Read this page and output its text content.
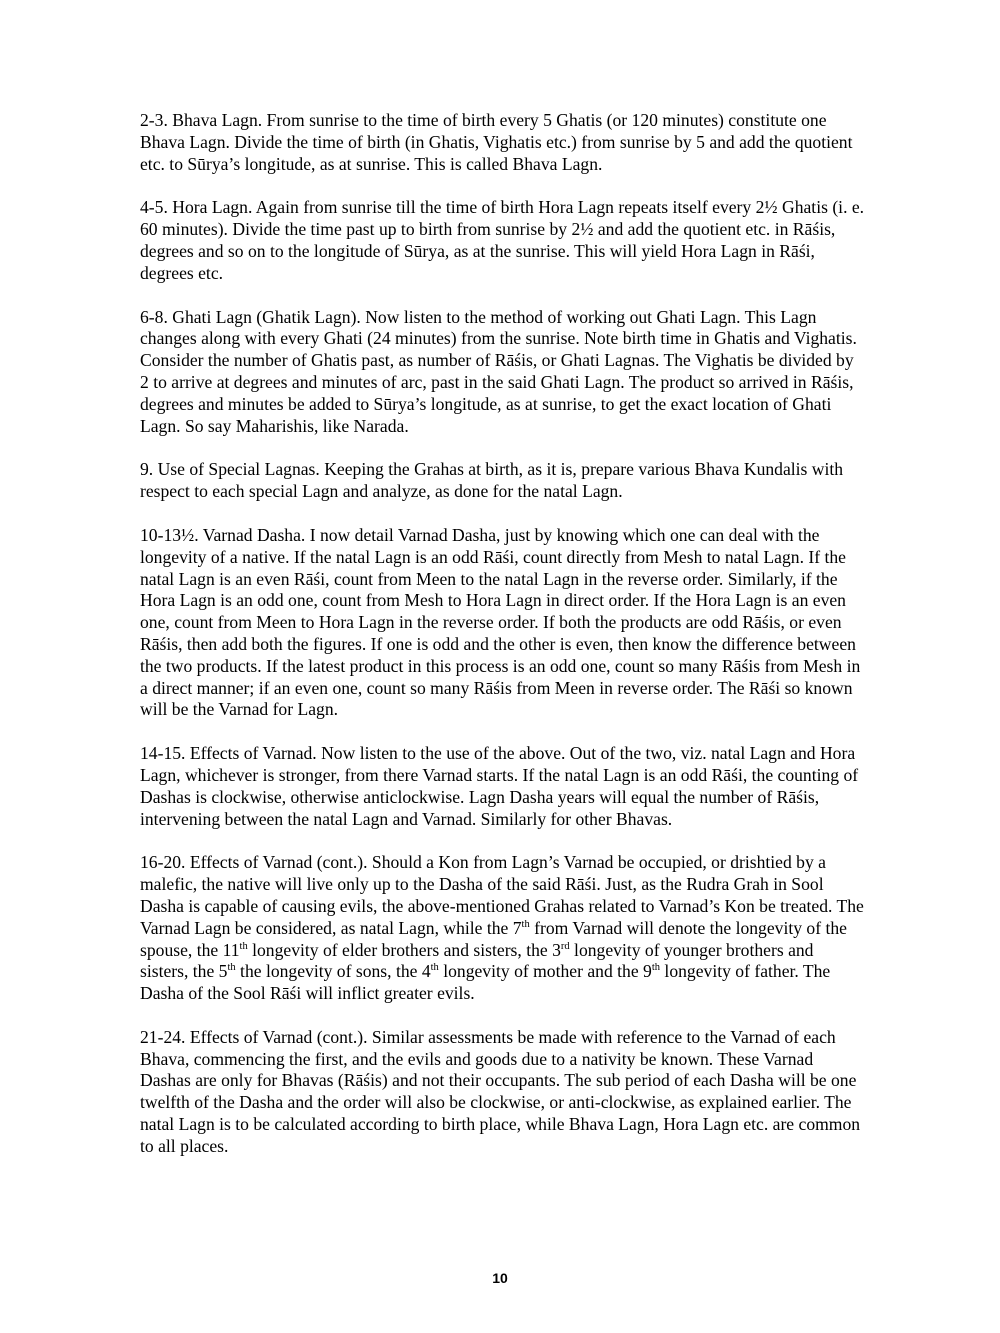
2-3. Bhava Lagn. From sunrise to the time of birth every 5 Ghatis (or 120 minutes) constitute one Bhava Lagn. Divide the time of birth (in Ghatis, Vighatis etc.) from sunrise by 5 and add the quotient etc. to Sūrya’s longitude, as at sunrise. This is called Bhava Lagn.

4-5. Hora Lagn. Again from sunrise till the time of birth Hora Lagn repeats itself every 2½ Ghatis (i. e. 60 minutes). Divide the time past up to birth from sunrise by 2½ and add the quotient etc. in Rāśis, degrees and so on to the longitude of Sūrya, as at the sunrise. This will yield Hora Lagn in Rāśi, degrees etc.

6-8. Ghati Lagn (Ghatik Lagn). Now listen to the method of working out Ghati Lagn. This Lagn changes along with every Ghati (24 minutes) from the sunrise. Note birth time in Ghatis and Vighatis. Consider the number of Ghatis past, as number of Rāśis, or Ghati Lagnas. The Vighatis be divided by 2 to arrive at degrees and minutes of arc, past in the said Ghati Lagn. The product so arrived in Rāśis, degrees and minutes be added to Sūrya’s longitude, as at sunrise, to get the exact location of Ghati Lagn. So say Maharishis, like Narada.

9. Use of Special Lagnas. Keeping the Grahas at birth, as it is, prepare various Bhava Kundalis with respect to each special Lagn and analyze, as done for the natal Lagn.

10-13½. Varnad Dasha. I now detail Varnad Dasha, just by knowing which one can deal with the longevity of a native. If the natal Lagn is an odd Rāśi, count directly from Mesh to natal Lagn. If the natal Lagn is an even Rāśi, count from Meen to the natal Lagn in the reverse order. Similarly, if the Hora Lagn is an odd one, count from Mesh to Hora Lagn in direct order. If the Hora Lagn is an even one, count from Meen to Hora Lagn in the reverse order. If both the products are odd Rāśis, or even Rāśis, then add both the figures. If one is odd and the other is even, then know the difference between the two products. If the latest product in this process is an odd one, count so many Rāśis from Mesh in a direct manner; if an even one, count so many Rāśis from Meen in reverse order. The Rāśi so known will be the Varnad for Lagn.

14-15. Effects of Varnad. Now listen to the use of the above. Out of the two, viz. natal Lagn and Hora Lagn, whichever is stronger, from there Varnad starts. If the natal Lagn is an odd Rāśi, the counting of Dashas is clockwise, otherwise anticlockwise. Lagn Dasha years will equal the number of Rāśis, intervening between the natal Lagn and Varnad. Similarly for other Bhavas.

16-20. Effects of Varnad (cont.). Should a Kon from Lagn’s Varnad be occupied, or drishtied by a malefic, the native will live only up to the Dasha of the said Rāśi. Just, as the Rudra Grah in Sool Dasha is capable of causing evils, the above-mentioned Grahas related to Varnad’s Kon be treated. The Varnad Lagn be considered, as natal Lagn, while the 7th from Varnad will denote the longevity of the spouse, the 11th longevity of elder brothers and sisters, the 3rd longevity of younger brothers and sisters, the 5th the longevity of sons, the 4th longevity of mother and the 9th longevity of father. The Dasha of the Sool Rāśi will inflict greater evils.

21-24. Effects of Varnad (cont.). Similar assessments be made with reference to the Varnad of each Bhava, commencing the first, and the evils and goods due to a nativity be known. These Varnad Dashas are only for Bhavas (Rāśis) and not their occupants. The sub period of each Dasha will be one twelfth of the Dasha and the order will also be clockwise, or anti-clockwise, as explained earlier. The natal Lagn is to be calculated according to birth place, while Bhava Lagn, Hora Lagn etc. are common to all places.

10
